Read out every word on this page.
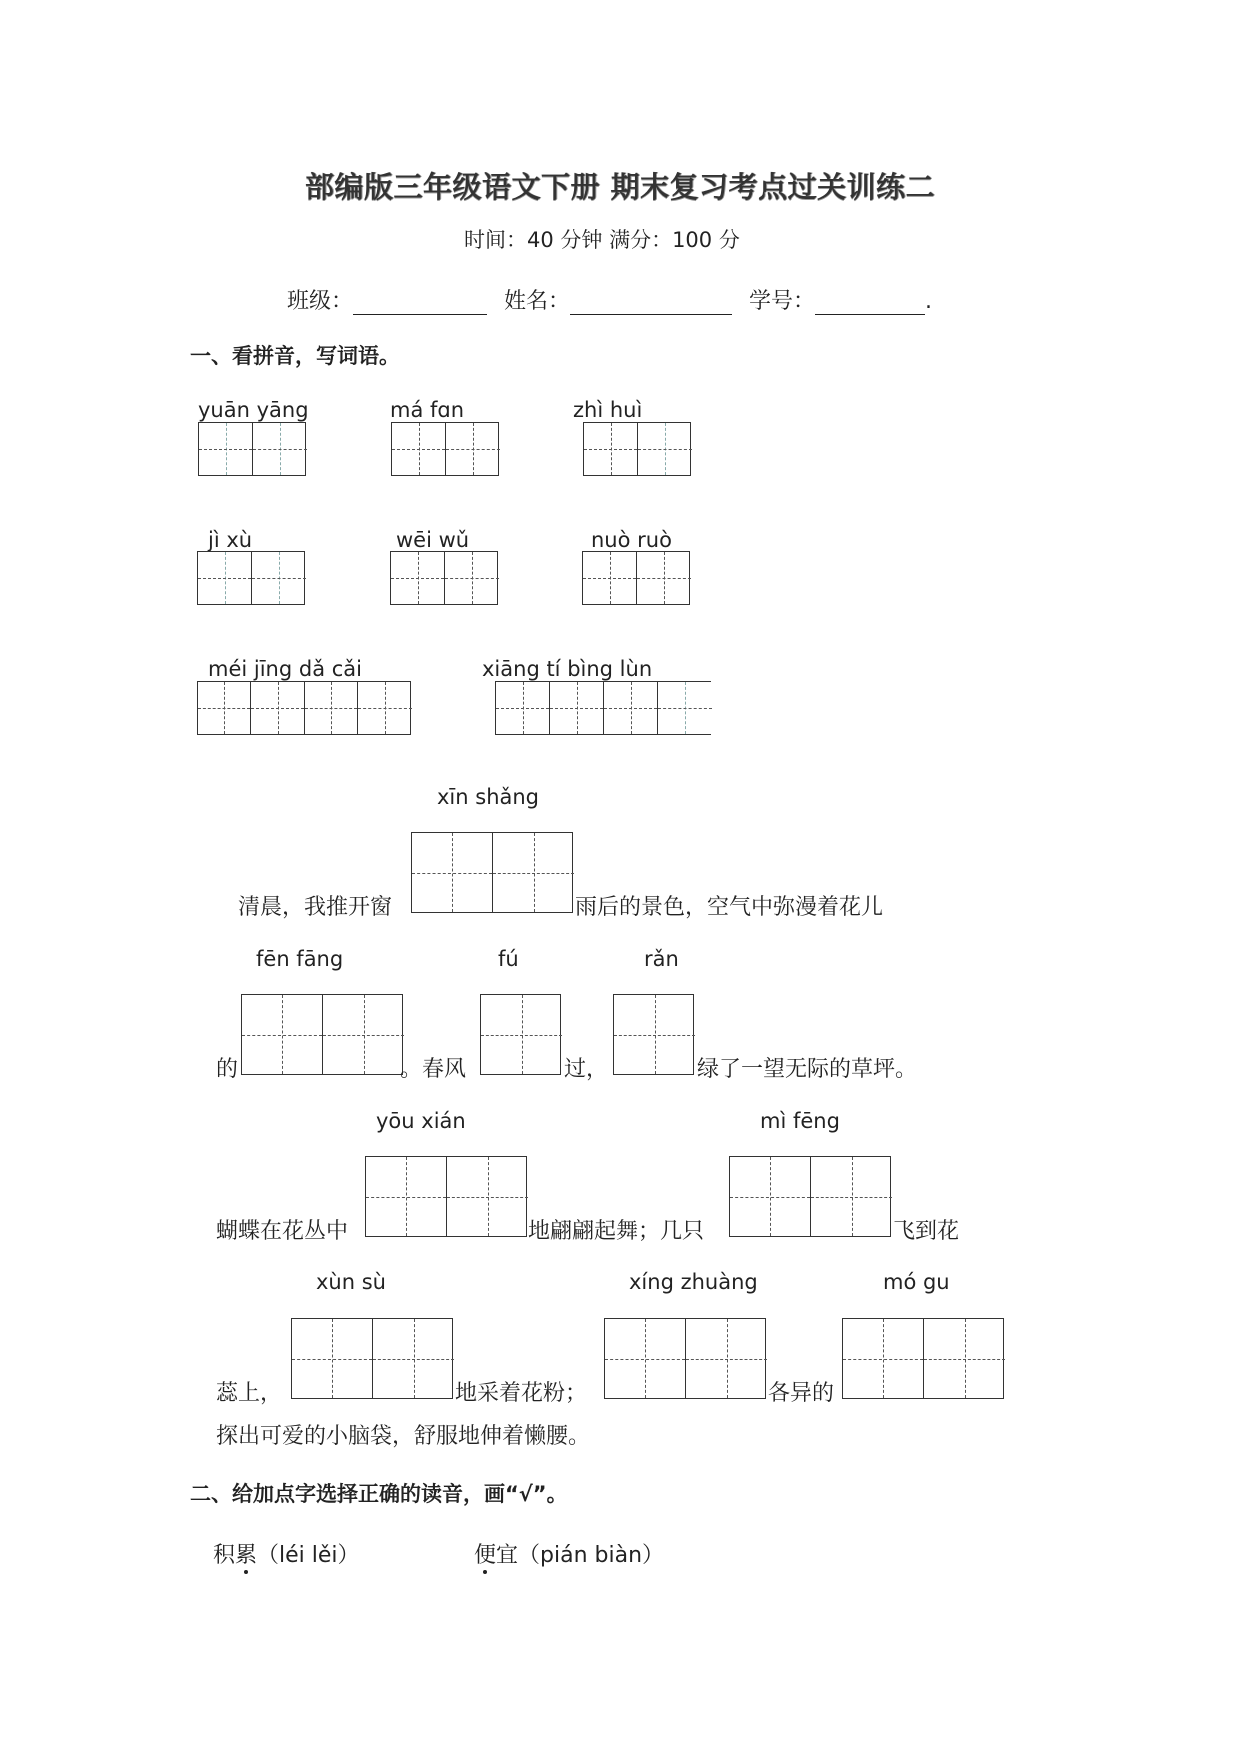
部编版三年级语文下册 期末复习考点过关训练二
时间：40 分钟 满分：100 分
班级：	姓名：	学号：	.
一、看拼音，写词语。
yuān yāng	má fɑn	zhì huì
jì xù	wēi wǔ	nuò ruò
méi jīng dǎ cǎi	xiāng tí bìng lùn
xīn shǎng
清晨，我推开窗	雨后的景色，空气中弥漫着花儿
fēn fāng	fú	rǎn
的	。春风	过，	绿了一望无际的草坪。
yōu xián	mì fēng
蝴蝶在花丛中	地翩翩起舞；几只	飞到花
xùn sù	xíng zhuàng	mó gu
蕊上，	地采着花粉；	各异的
探出可爱的小脑袋，舒服地伸着懒腰。
二、给加点字选择正确的读音，画“√”。
积累（léi lěi）	便宜（pián biàn）
